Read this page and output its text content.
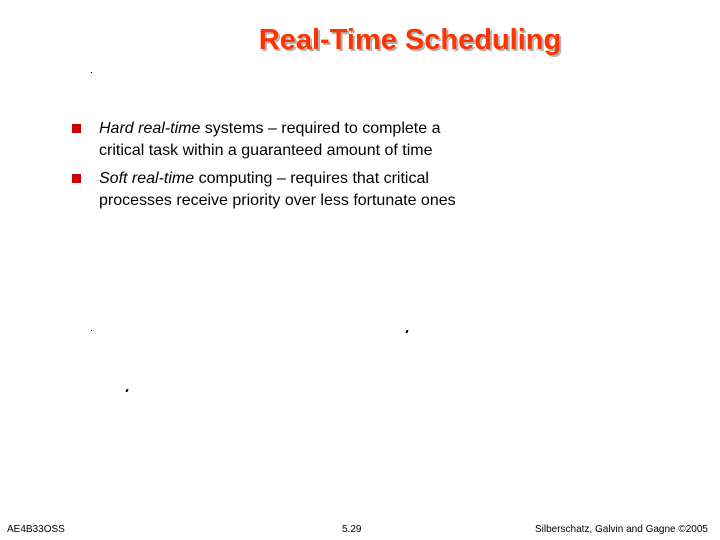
Real-Time Scheduling
Hard real-time systems – required to complete a
critical task within a guaranteed amount of time
Soft real-time computing – requires that critical
processes receive priority over less fortunate ones
AE4B33OSS	5.29	Silberschatz, Galvin and Gagne ©2005
